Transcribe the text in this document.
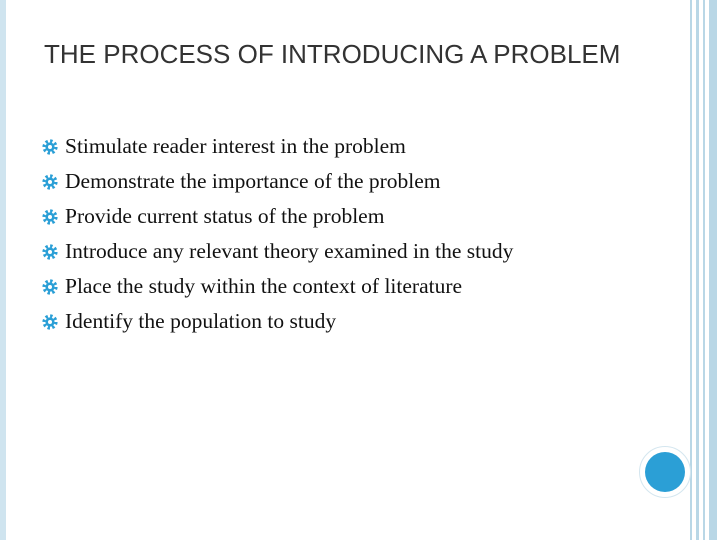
THE PROCESS OF INTRODUCING A PROBLEM
Stimulate reader interest in the problem
Demonstrate the importance of the problem
Provide current status of the problem
Introduce any relevant theory examined in the study
Place the study within the context of literature
Identify the population to study
